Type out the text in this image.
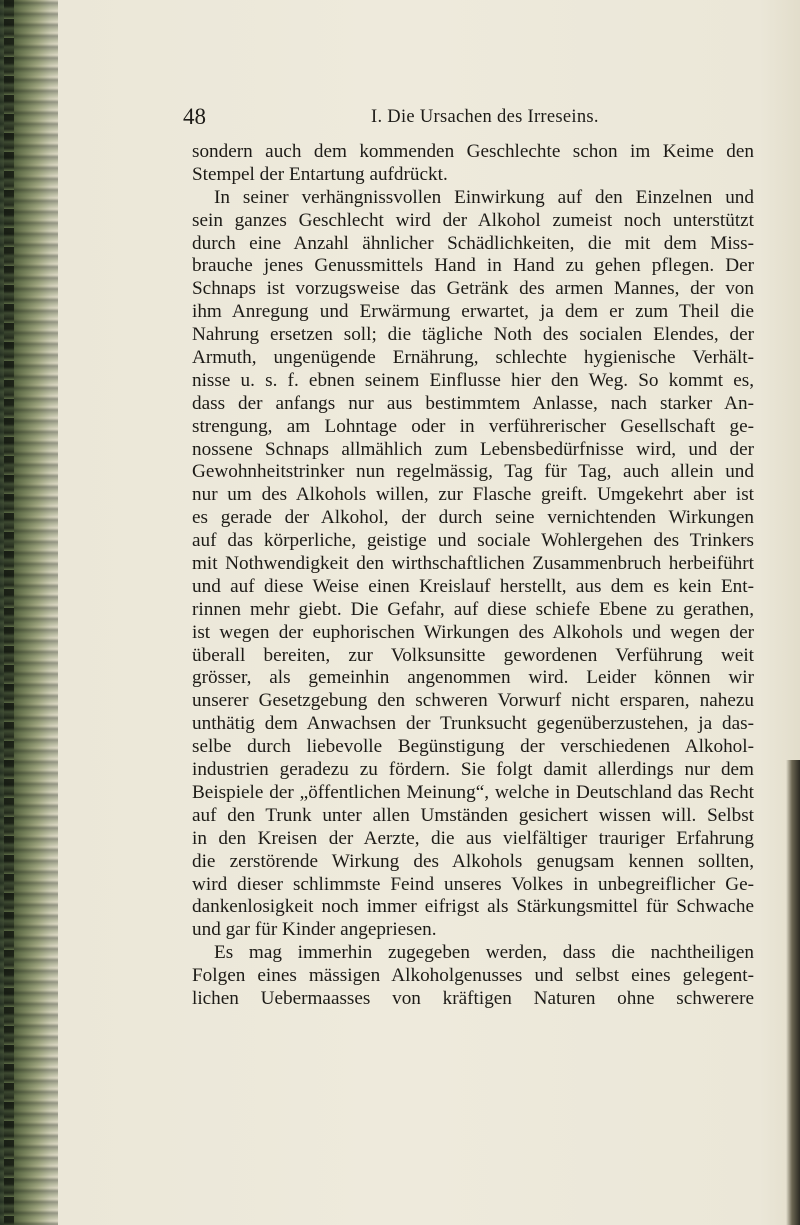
48	I. Die Ursachen des Irreseins.
sondern auch dem kommenden Geschlechte schon im Keime den
Stempel der Entartung aufdrückt.
In seiner verhängnissvollen Einwirkung auf den Einzelnen und
sein ganzes Geschlecht wird der Alkohol zumeist noch unterstützt
durch eine Anzahl ähnlicher Schädlichkeiten, die mit dem Miss-
brauche jenes Genussmittels Hand in Hand zu gehen pflegen. Der
Schnaps ist vorzugsweise das Getränk des armen Mannes, der von
ihm Anregung und Erwärmung erwartet, ja dem er zum Theil die
Nahrung ersetzen soll; die tägliche Noth des socialen Elendes, der
Armuth, ungenügende Ernährung, schlechte hygienische Verhält-
nisse u. s. f. ebnen seinem Einflusse hier den Weg. So kommt es,
dass der anfangs nur aus bestimmtem Anlasse, nach starker An-
strengung, am Lohntage oder in verführerischer Gesellschaft ge-
nossene Schnaps allmählich zum Lebensbedürfnisse wird, und der
Gewohnheitstrinker nun regelmässig, Tag für Tag, auch allein und
nur um des Alkohols willen, zur Flasche greift. Umgekehrt aber ist
es gerade der Alkohol, der durch seine vernichtenden Wirkungen
auf das körperliche, geistige und sociale Wohlergehen des Trinkers
mit Nothwendigkeit den wirthschaftlichen Zusammenbruch herbeiführt
und auf diese Weise einen Kreislauf herstellt, aus dem es kein Ent-
rinnen mehr giebt. Die Gefahr, auf diese schiefe Ebene zu gerathen,
ist wegen der euphorischen Wirkungen des Alkohols und wegen der
überall bereiten, zur Volksunsitte gewordenen Verführung weit
grösser, als gemeinhin angenommen wird. Leider können wir
unserer Gesetzgebung den schweren Vorwurf nicht ersparen, nahezu
unthätig dem Anwachsen der Trunksucht gegenüberzustehen, ja das-
selbe durch liebevolle Begünstigung der verschiedenen Alkohol-
industrien geradezu zu fördern. Sie folgt damit allerdings nur dem
Beispiele der „öffentlichen Meinung“, welche in Deutschland das Recht
auf den Trunk unter allen Umständen gesichert wissen will. Selbst
in den Kreisen der Aerzte, die aus vielfältiger trauriger Erfahrung
die zerstörende Wirkung des Alkohols genugsam kennen sollten,
wird dieser schlimmste Feind unseres Volkes in unbegreiflicher Ge-
dankenlosigkeit noch immer eifrigst als Stärkungsmittel für Schwache
und gar für Kinder angepriesen.
Es mag immerhin zugegeben werden, dass die nachtheiligen
Folgen eines mässigen Alkoholgenusses und selbst eines gelegent-
lichen Uebermaasses von kräftigen Naturen ohne schwerere
